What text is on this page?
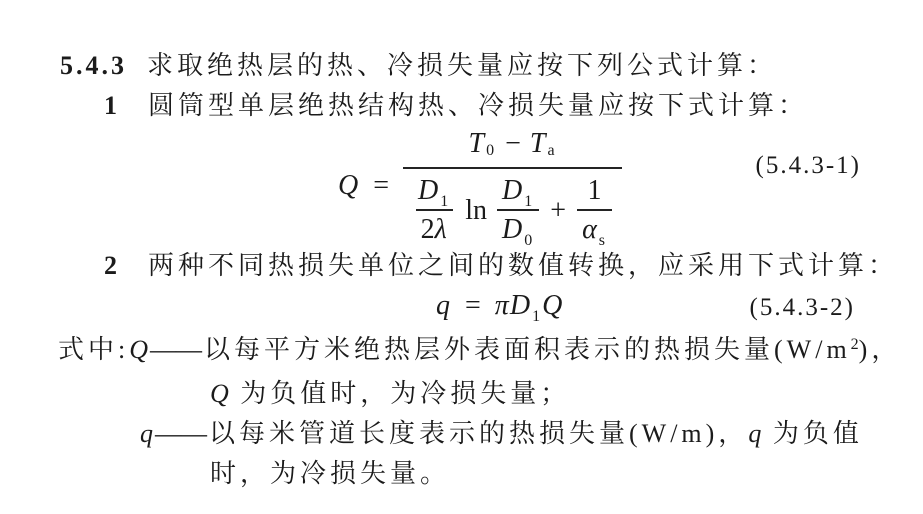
5.4.3 求取绝热层的热、冷损失量应按下列公式计算：

1 圆筒型单层绝热结构热、冷损失量应按下式计算：

Q =
T 0 − T a
$\frac{D_1}{2\lambda}$ $\ln \frac{D_1}{D_0} + \frac{1}{\alpha_s}$
(5.4.3-1)

2 两种不同热损失单位之间的数值转换，应采用下式计算：

$q = \pi D_1Q$	(5.4.3-2)

式中:Q——以每平方米绝热层外表面积表示的热损失量$(W/m^2)$，

Q 为负值时，为冷损失量；

q——以每米管道长度表示的热损失量(W/m)，q 为负值

时，为冷损失量。
